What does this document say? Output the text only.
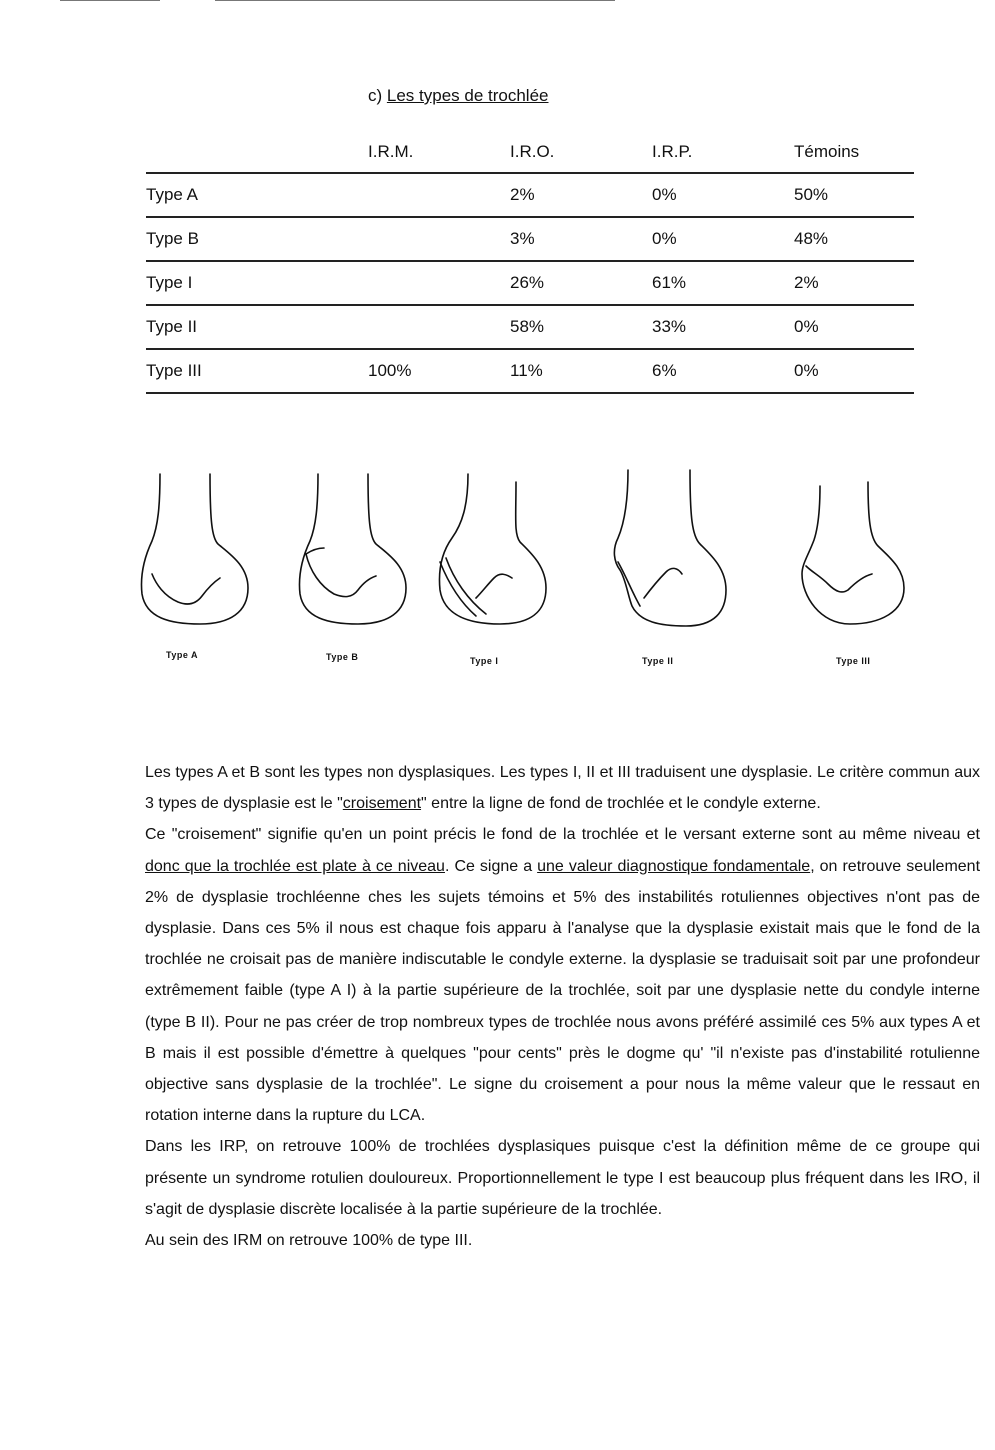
c) Les types de trochlée
	I.R.M.	I.R.O.	I.R.P.	Témoins
Type A		2%	0%	50%
Type B		3%	0%	48%
Type I		26%	61%	2%
Type II		58%	33%	0%
Type III	100%	11%	6%	0%
Type A	Type B	Type I	Type II	Type III

Les types A et B sont les types non dysplasiques. Les types I, II et III traduisent une dysplasie. Le critère commun aux 3 types de dysplasie est le "croisement" entre la ligne de fond de trochlée et le condyle externe.

Ce "croisement" signifie qu'en un point précis le fond de la trochlée et le versant externe sont au même niveau et donc que la trochlée est plate à ce niveau. Ce signe a une valeur diagnostique fondamentale, on retrouve seulement 2% de dysplasie trochléenne ches les sujets témoins et 5% des instabilités rotuliennes objectives n'ont pas de dysplasie. Dans ces 5% il nous est chaque fois apparu à l'analyse que la dysplasie existait mais que le fond de la trochlée ne croisait pas de manière indiscutable le condyle externe. la dysplasie se traduisait soit par une profondeur extrêmement faible (type A I) à la partie supérieure de la trochlée, soit par une dysplasie nette du condyle interne (type B II). Pour ne pas créer de trop nombreux types de trochlée nous avons préféré assimilé ces 5% aux types A et B mais il est possible d'émettre à quelques "pour cents" près le dogme qu' "il n'existe pas d'instabilité rotulienne objective sans dysplasie de la trochlée". Le signe du croisement a pour nous la même valeur que le ressaut en rotation interne dans la rupture du LCA.

Dans les IRP, on retrouve 100% de trochlées dysplasiques puisque c'est la définition même de ce groupe qui présente un syndrome rotulien douloureux. Proportionnellement le type I est beaucoup plus fréquent dans les IRO, il s'agit de dysplasie discrète localisée à la partie supérieure de la trochlée.

Au sein des IRM on retrouve 100% de type III.
